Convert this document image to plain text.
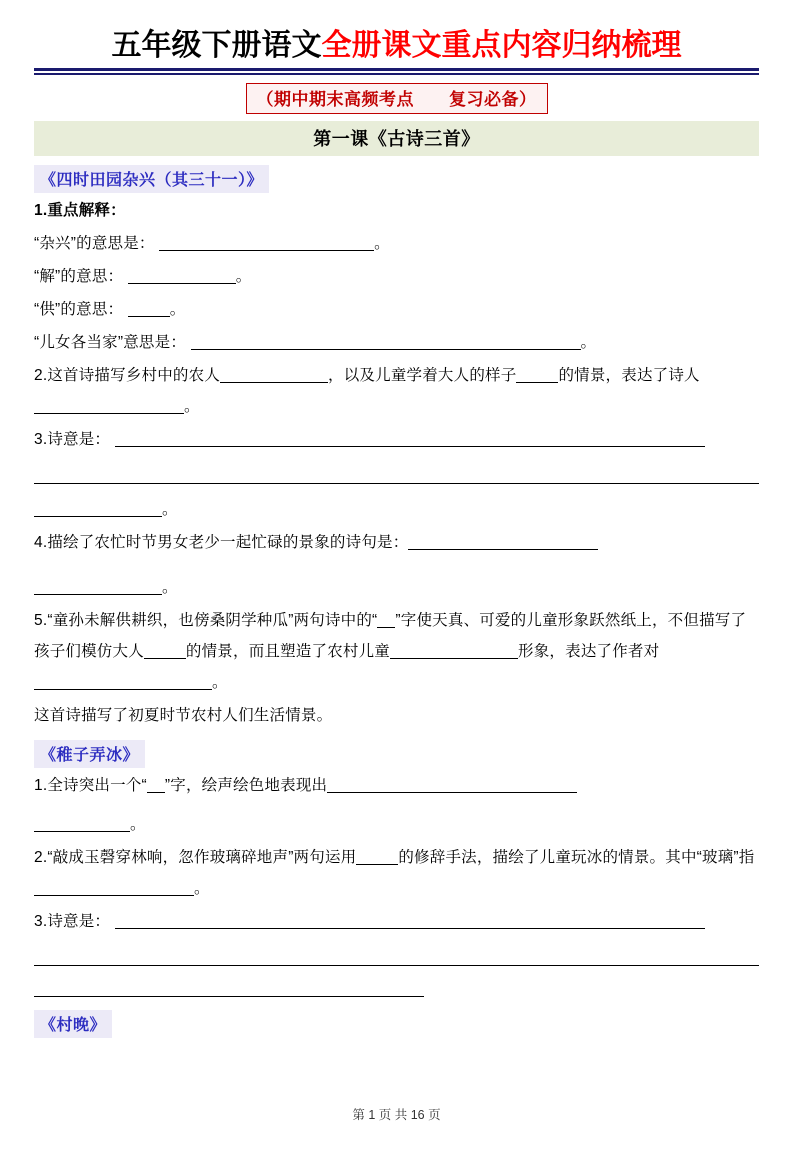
五年级下册语文全册课文重点内容归纳梳理
（期中期末高频考点　　复习必备）
第一课《古诗三首》
《四时田园杂兴（其三十一）》
1.重点解释：
“杂兴”的意思是：	。
“解”的意思：	。
“供”的意思：	。
“儿女各当家”意思是：	。
2.这首诗描写乡村中的农人	，以及儿童学着大人的样子	的情景，表达了诗人。
3.诗意是：
。
4.描绘了农忙时节男女老少一起忙碌的景象的诗句是：
。
5.“童孙未解供耕织，也傍桑阴学种瓜”两句诗中的“ ”字使天真、可爱的儿童形象跃然纸上，不但描写了孩子们模仿大人	的情景，而且塑造了农村儿童	形象，表达了作者对。
这首诗描写了初夏时节农村人们生活情景。
《稚子弄冰》
1.全诗突出一个“ ”字，绘声绘色地表现出
。
2.“敲成玉磬穿林响，忽作玻璃碎地声”两句运用	的修辞手法，描绘了儿童玩冰的情景。其中“玻璃”指。
3.诗意是：
《村晚》
第 1 页 共 16 页
